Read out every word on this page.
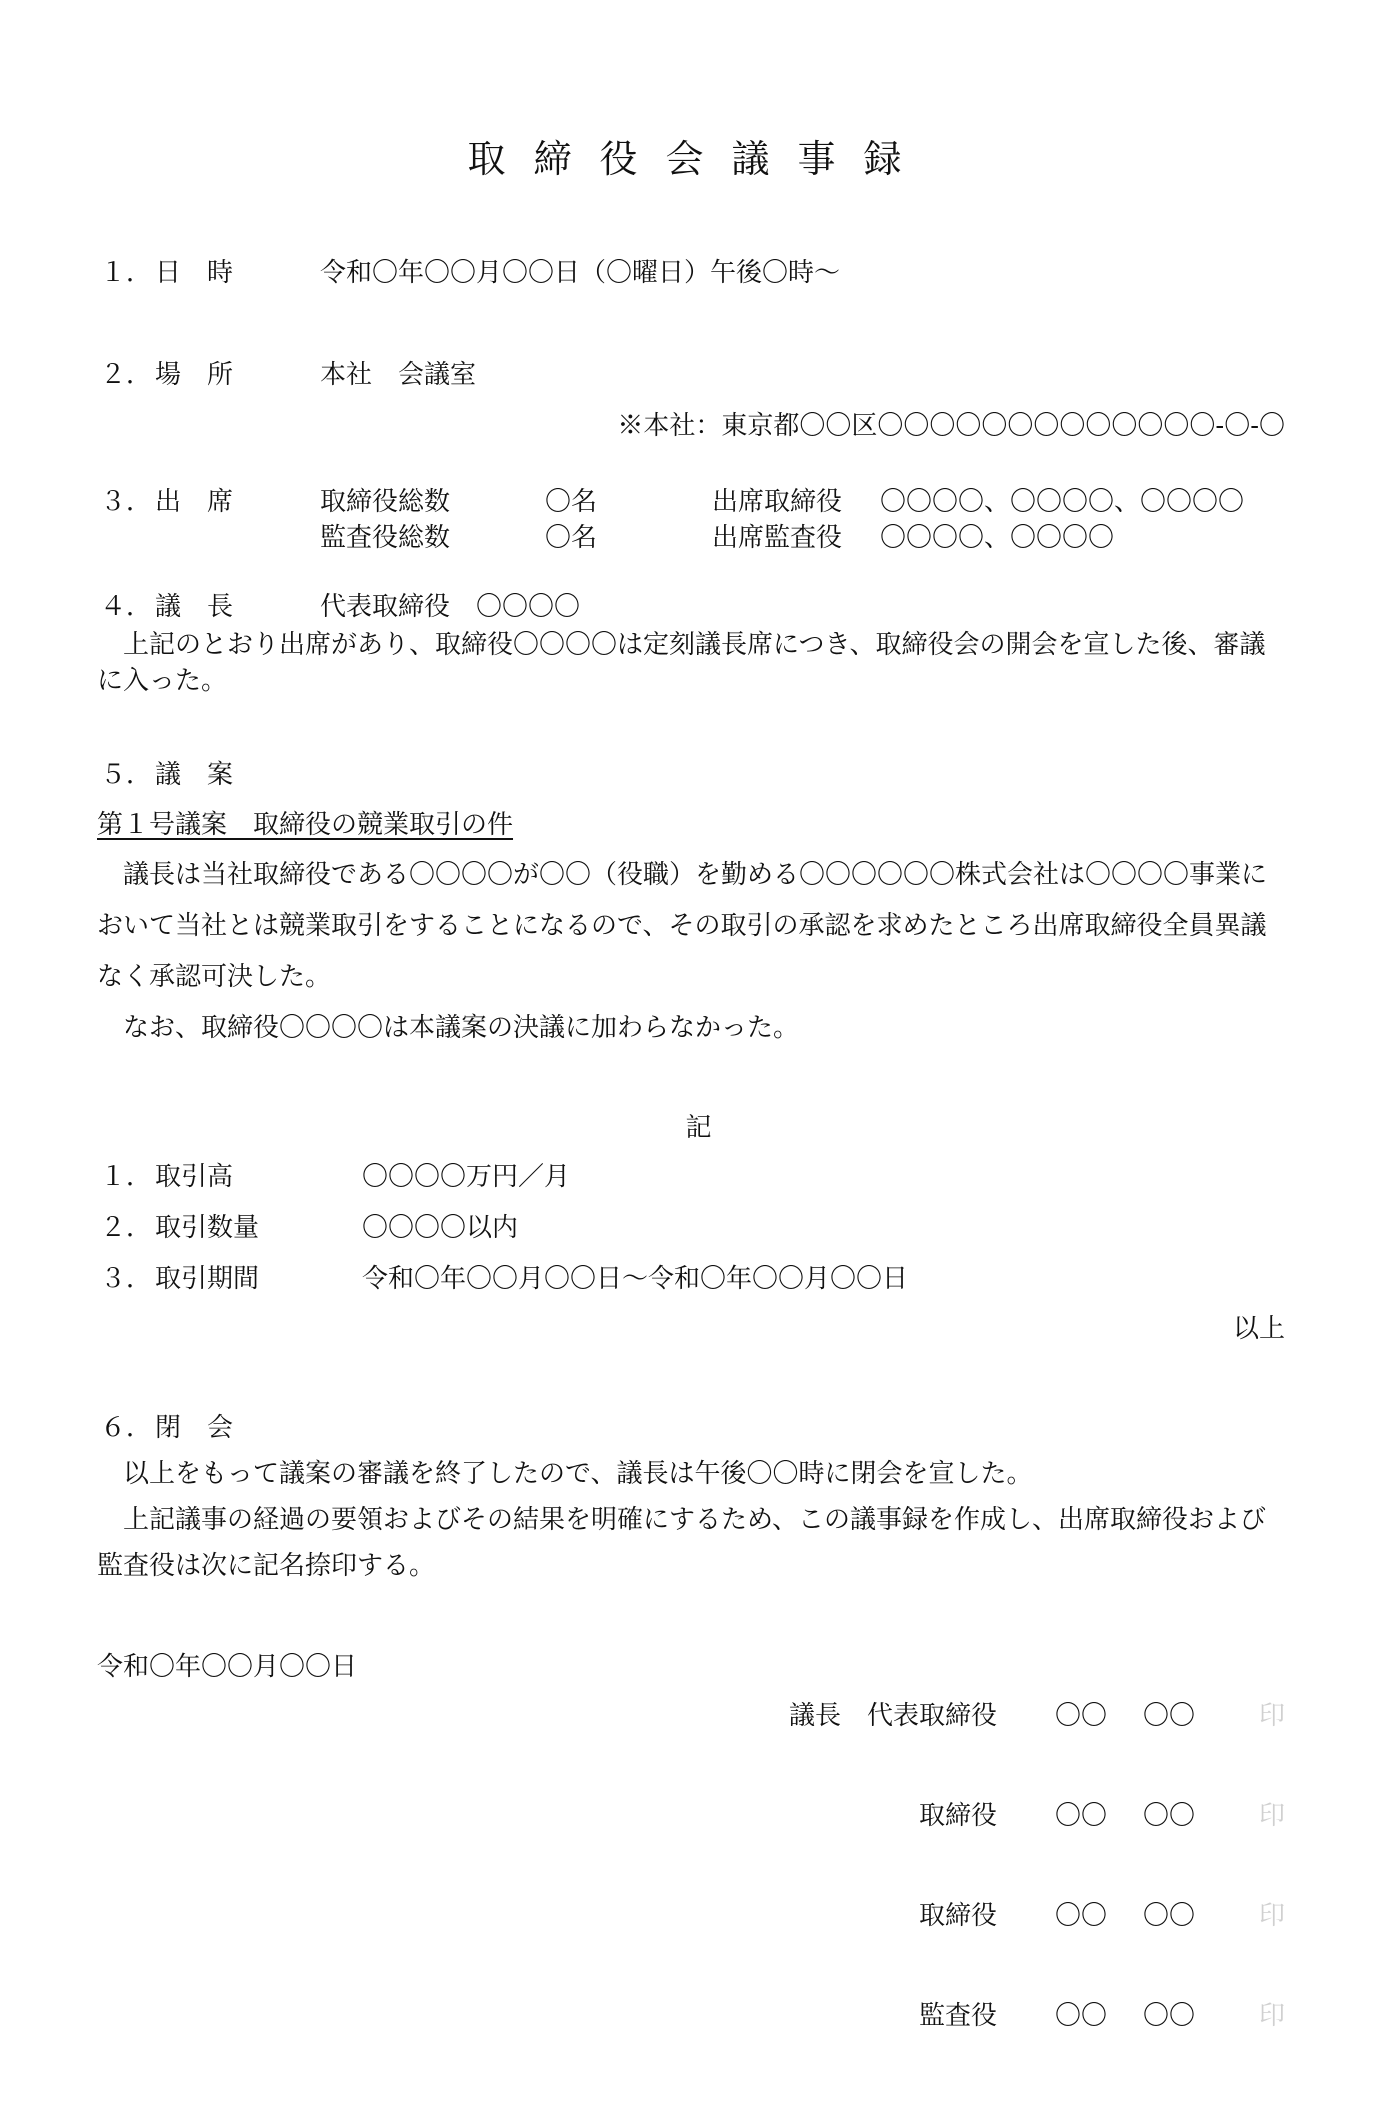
取締役会議事録
１． 日　時	令和〇年〇〇月〇〇日（〇曜日）午後〇時～
２． 場　所	本社　会議室
※本社：東京都〇〇区〇〇〇〇〇〇〇〇〇〇〇〇〇-〇-〇
３． 出　席	取締役総数	〇名	出席取締役 〇〇〇〇、〇〇〇〇、〇〇〇〇
監査役総数	〇名	出席監査役 〇〇〇〇、〇〇〇〇
４． 議　長	代表取締役　〇〇〇〇
上記のとおり出席があり、取締役〇〇〇〇は定刻議長席につき、取締役会の開会を宣した後、審議に入った。
５． 議　案
第１号議案　取締役の競業取引の件
議長は当社取締役である〇〇〇〇が〇〇（役職）を勤める〇〇〇〇〇〇株式会社は〇〇〇〇事業において当社とは競業取引をすることになるので、その取引の承認を求めたところ出席取締役全員異議なく承認可決した。
なお、取締役〇〇〇〇は本議案の決議に加わらなかった。
記
１． 取引高	〇〇〇〇万円／月
２． 取引数量	〇〇〇〇以内
３． 取引期間	令和〇年〇〇月〇〇日～令和〇年〇〇月〇〇日
以上
６． 閉　会
以上をもって議案の審議を終了したので、議長は午後〇〇時に閉会を宣した。
上記議事の経過の要領およびその結果を明確にするため、この議事録を作成し、出席取締役および監査役は次に記名捺印する。
令和〇年〇〇月〇〇日
議長　代表取締役 〇〇	〇〇	印
取締役 〇〇	〇〇	印
取締役 〇〇	〇〇	印
監査役 〇〇	〇〇	印
